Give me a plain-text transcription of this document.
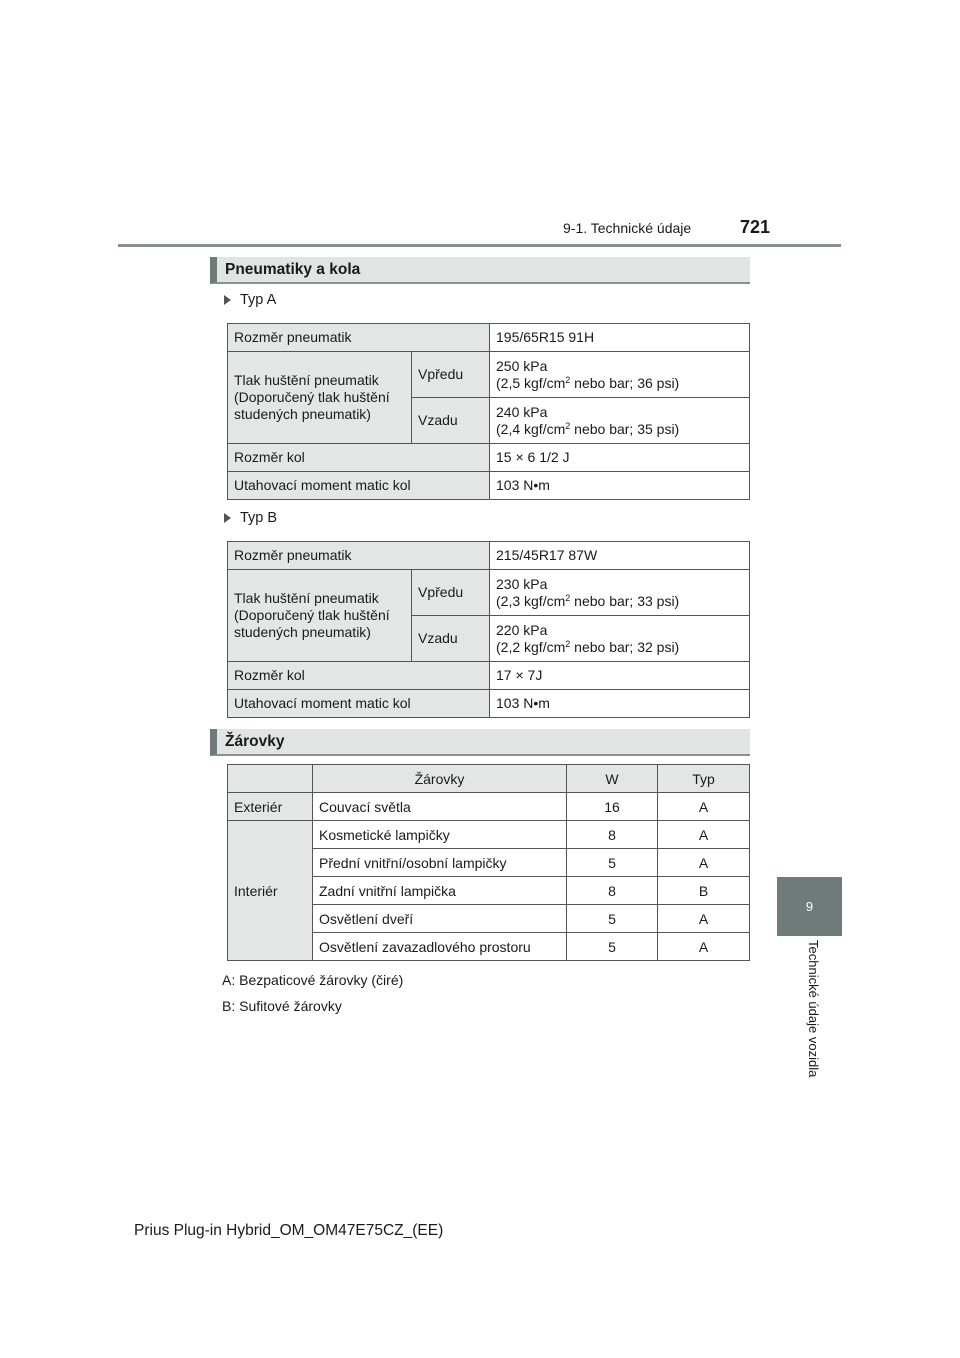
9-1. Technické údaje	721
9
Technické údaje vozidla
Pneumatiky a kola
Typ A
Rozměr pneumatik		195/65R15 91H
Tlak huštění pneumatik (Doporučený tlak huštění studených pneumatik)	Vpředu	250 kPa
(2,5 kgf/$cm^2$ nebo bar; 36 psi)
	Vzadu	240 kPa
(2,4 kgf/$cm^2$ nebo bar; 35 psi)
Rozměr kol		15 × 6 1/2 J
Utahovací moment matic kol		103 N•m
Typ B
Rozměr pneumatik		215/45R17 87W
Tlak huštění pneumatik (Doporučený tlak huštění studených pneumatik)	Vpředu	230 kPa
(2,3 kgf/$cm^2$ nebo bar; 33 psi)
	Vzadu	220 kPa
(2,2 kgf/$cm^2$ nebo bar; 32 psi)
Rozměr kol		17 × 7J
Utahovací moment matic kol		103 N•m
Žárovky
	Žárovky	W	Typ
Exteriér	Couvací světla	16	A
Interiér	Kosmetické lampičky	8	A
	Přední vnitřní/osobní lampičky	5	A
	Zadní vnitřní lampička	8	B
	Osvětlení dveří	5	A
	Osvětlení zavazadlového prostoru	5	A
A: Bezpaticové žárovky (čiré)
B: Sufitové žárovky
Prius Plug-in Hybrid_OM_OM47E75CZ_(EE)
